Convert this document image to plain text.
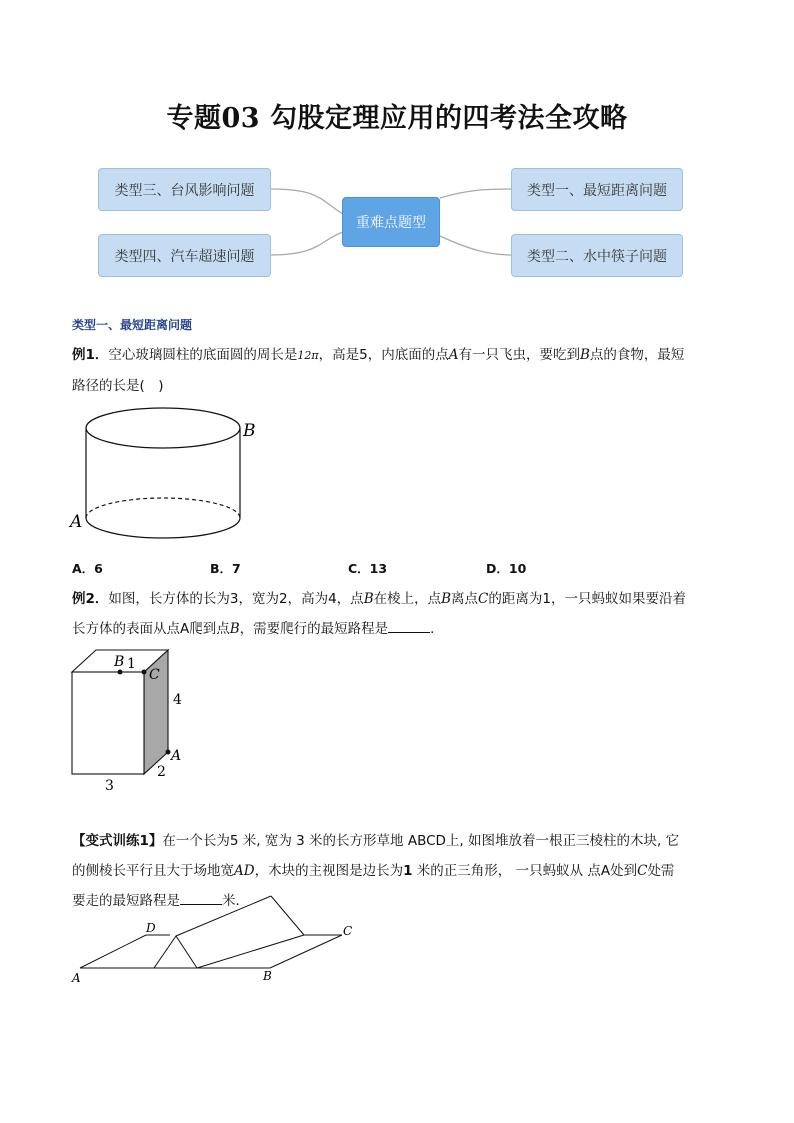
专题03 勾股定理应用的四考法全攻略
类型三、台风影响问题
类型四、汽车超速问题
重难点题型
类型一、最短距离问题
类型二、水中筷子问题
类型一、最短距离问题
例1．空心玻璃圆柱的底面圆的周长是12π，高是5，内底面的点A有一只飞虫，要吃到B点的食物，最短
路径的长是(　)
B
A
A．6	B．7	C．13	D．10
例2．如图，长方体的长为3，宽为2，高为4，点B在棱上，点B离点C的距离为1，一只蚂蚁如果要沿着
长方体的表面从点A爬到点B，需要爬行的最短路程是	．
B 1
C
4
A
3
2
【变式训练1】在一个长为5 米, 宽为 3 米的长方形草地 ABCD上, 如图堆放着一根正三棱柱的木块, 它
的侧棱长平行且大于场地宽AD，木块的主视图是边长为1 米的正三角形， 一只蚂蚁从 点A处到C处需
要走的最短路程是	米．
D	C
A	B
